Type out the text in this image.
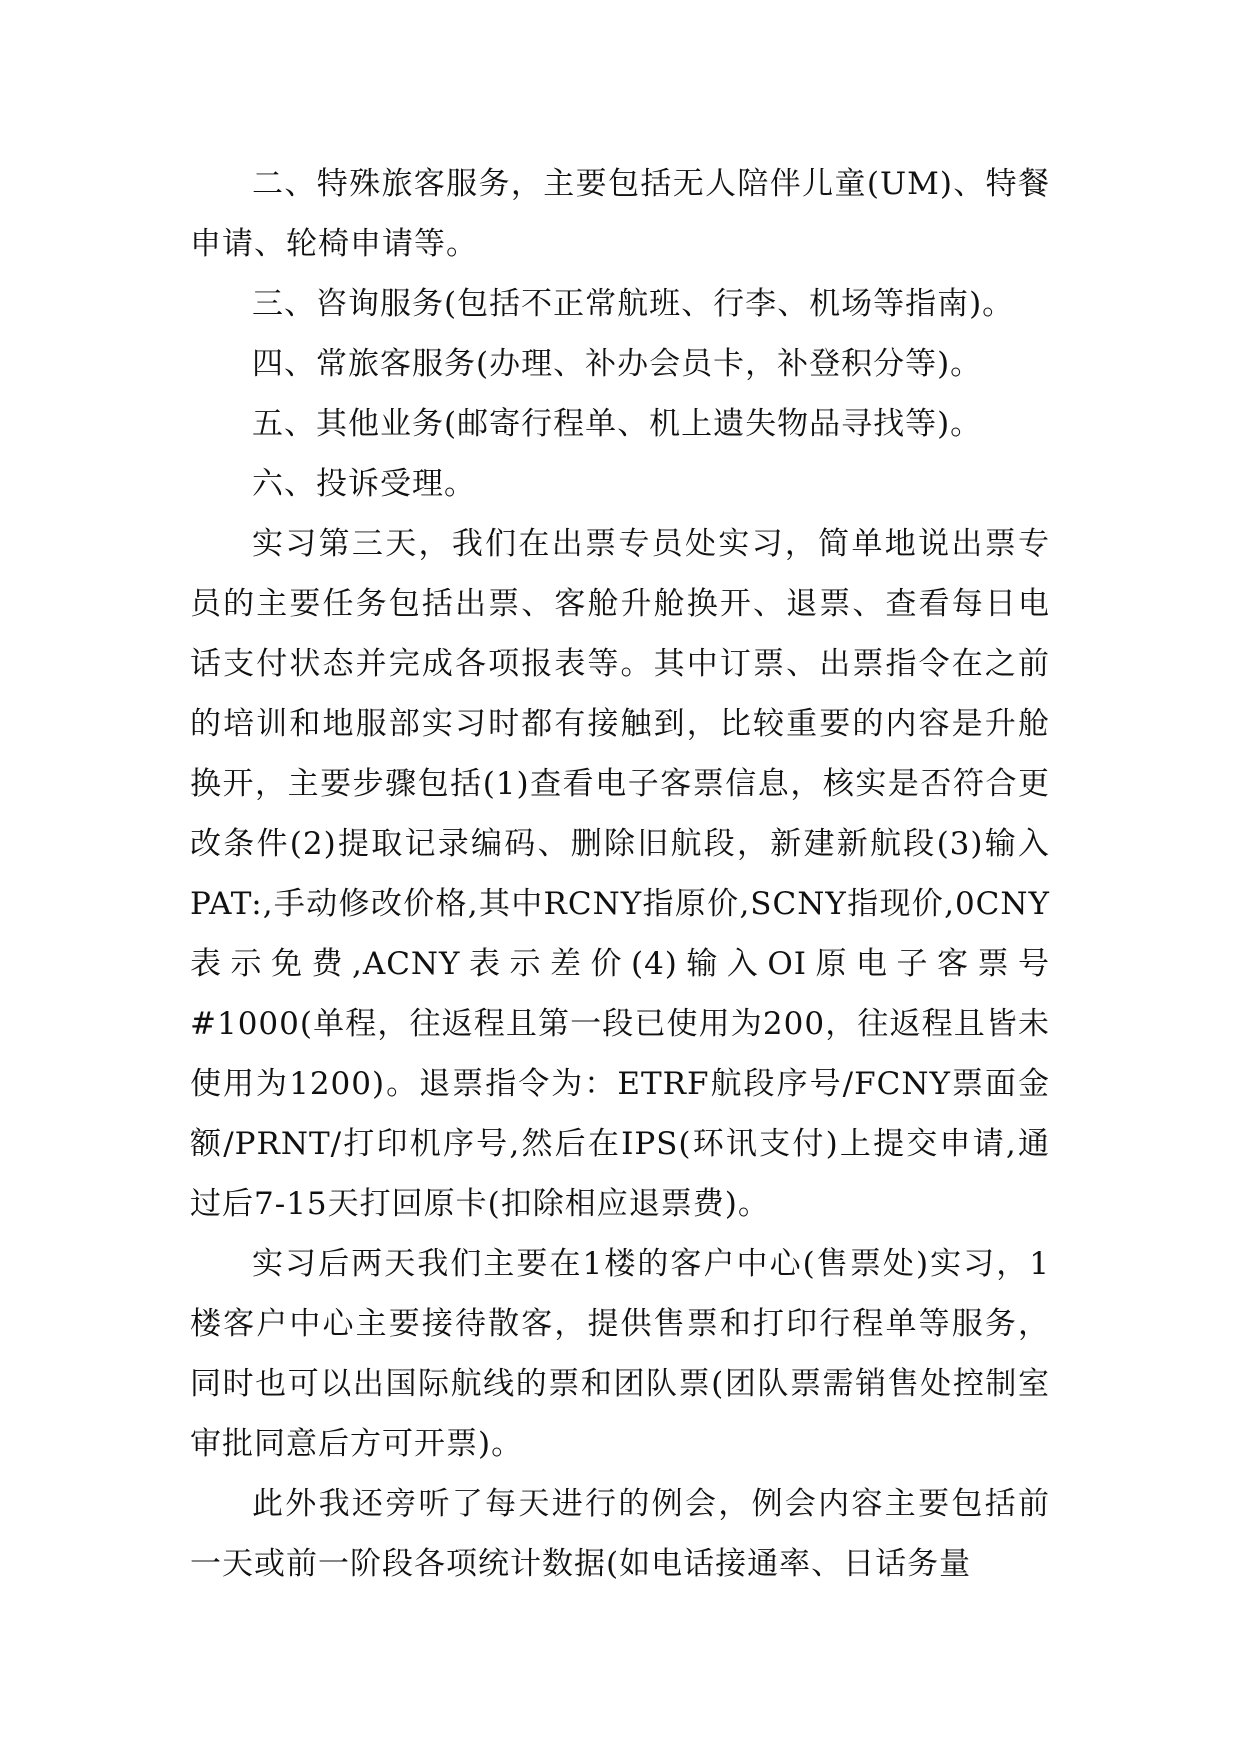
二、特殊旅客服务，主要包括无人陪伴儿童(UM)、特餐申请、轮椅申请等。

三、咨询服务(包括不正常航班、行李、机场等指南)。

四、常旅客服务(办理、补办会员卡，补登积分等)。

五、其他业务(邮寄行程单、机上遗失物品寻找等)。

六、投诉受理。

实习第三天，我们在出票专员处实习，简单地说出票专员的主要任务包括出票、客舱升舱换开、退票、查看每日电话支付状态并完成各项报表等。其中订票、出票指令在之前的培训和地服部实习时都有接触到，比较重要的内容是升舱换开，主要步骤包括(1)查看电子客票信息，核实是否符合更改条件(2)提取记录编码、删除旧航段，新建新航段(3)输入PAT:,手动修改价格,其中RCNY指原价,SCNY指现价,0CNY表示免费,ACNY表示差价(4)输入OI原电子客票号#1000(单程，往返程且第一段已使用为200，往返程且皆未使用为1200)。退票指令为：ETRF航段序号/FCNY票面金额/PRNT/打印机序号,然后在IPS(环讯支付)上提交申请,通过后7-15天打回原卡(扣除相应退票费)。

实习后两天我们主要在1楼的客户中心(售票处)实习，1楼客户中心主要接待散客，提供售票和打印行程单等服务，同时也可以出国际航线的票和团队票(团队票需销售处控制室审批同意后方可开票)。

此外我还旁听了每天进行的例会，例会内容主要包括前一天或前一阶段各项统计数据(如电话接通率、日话务量
